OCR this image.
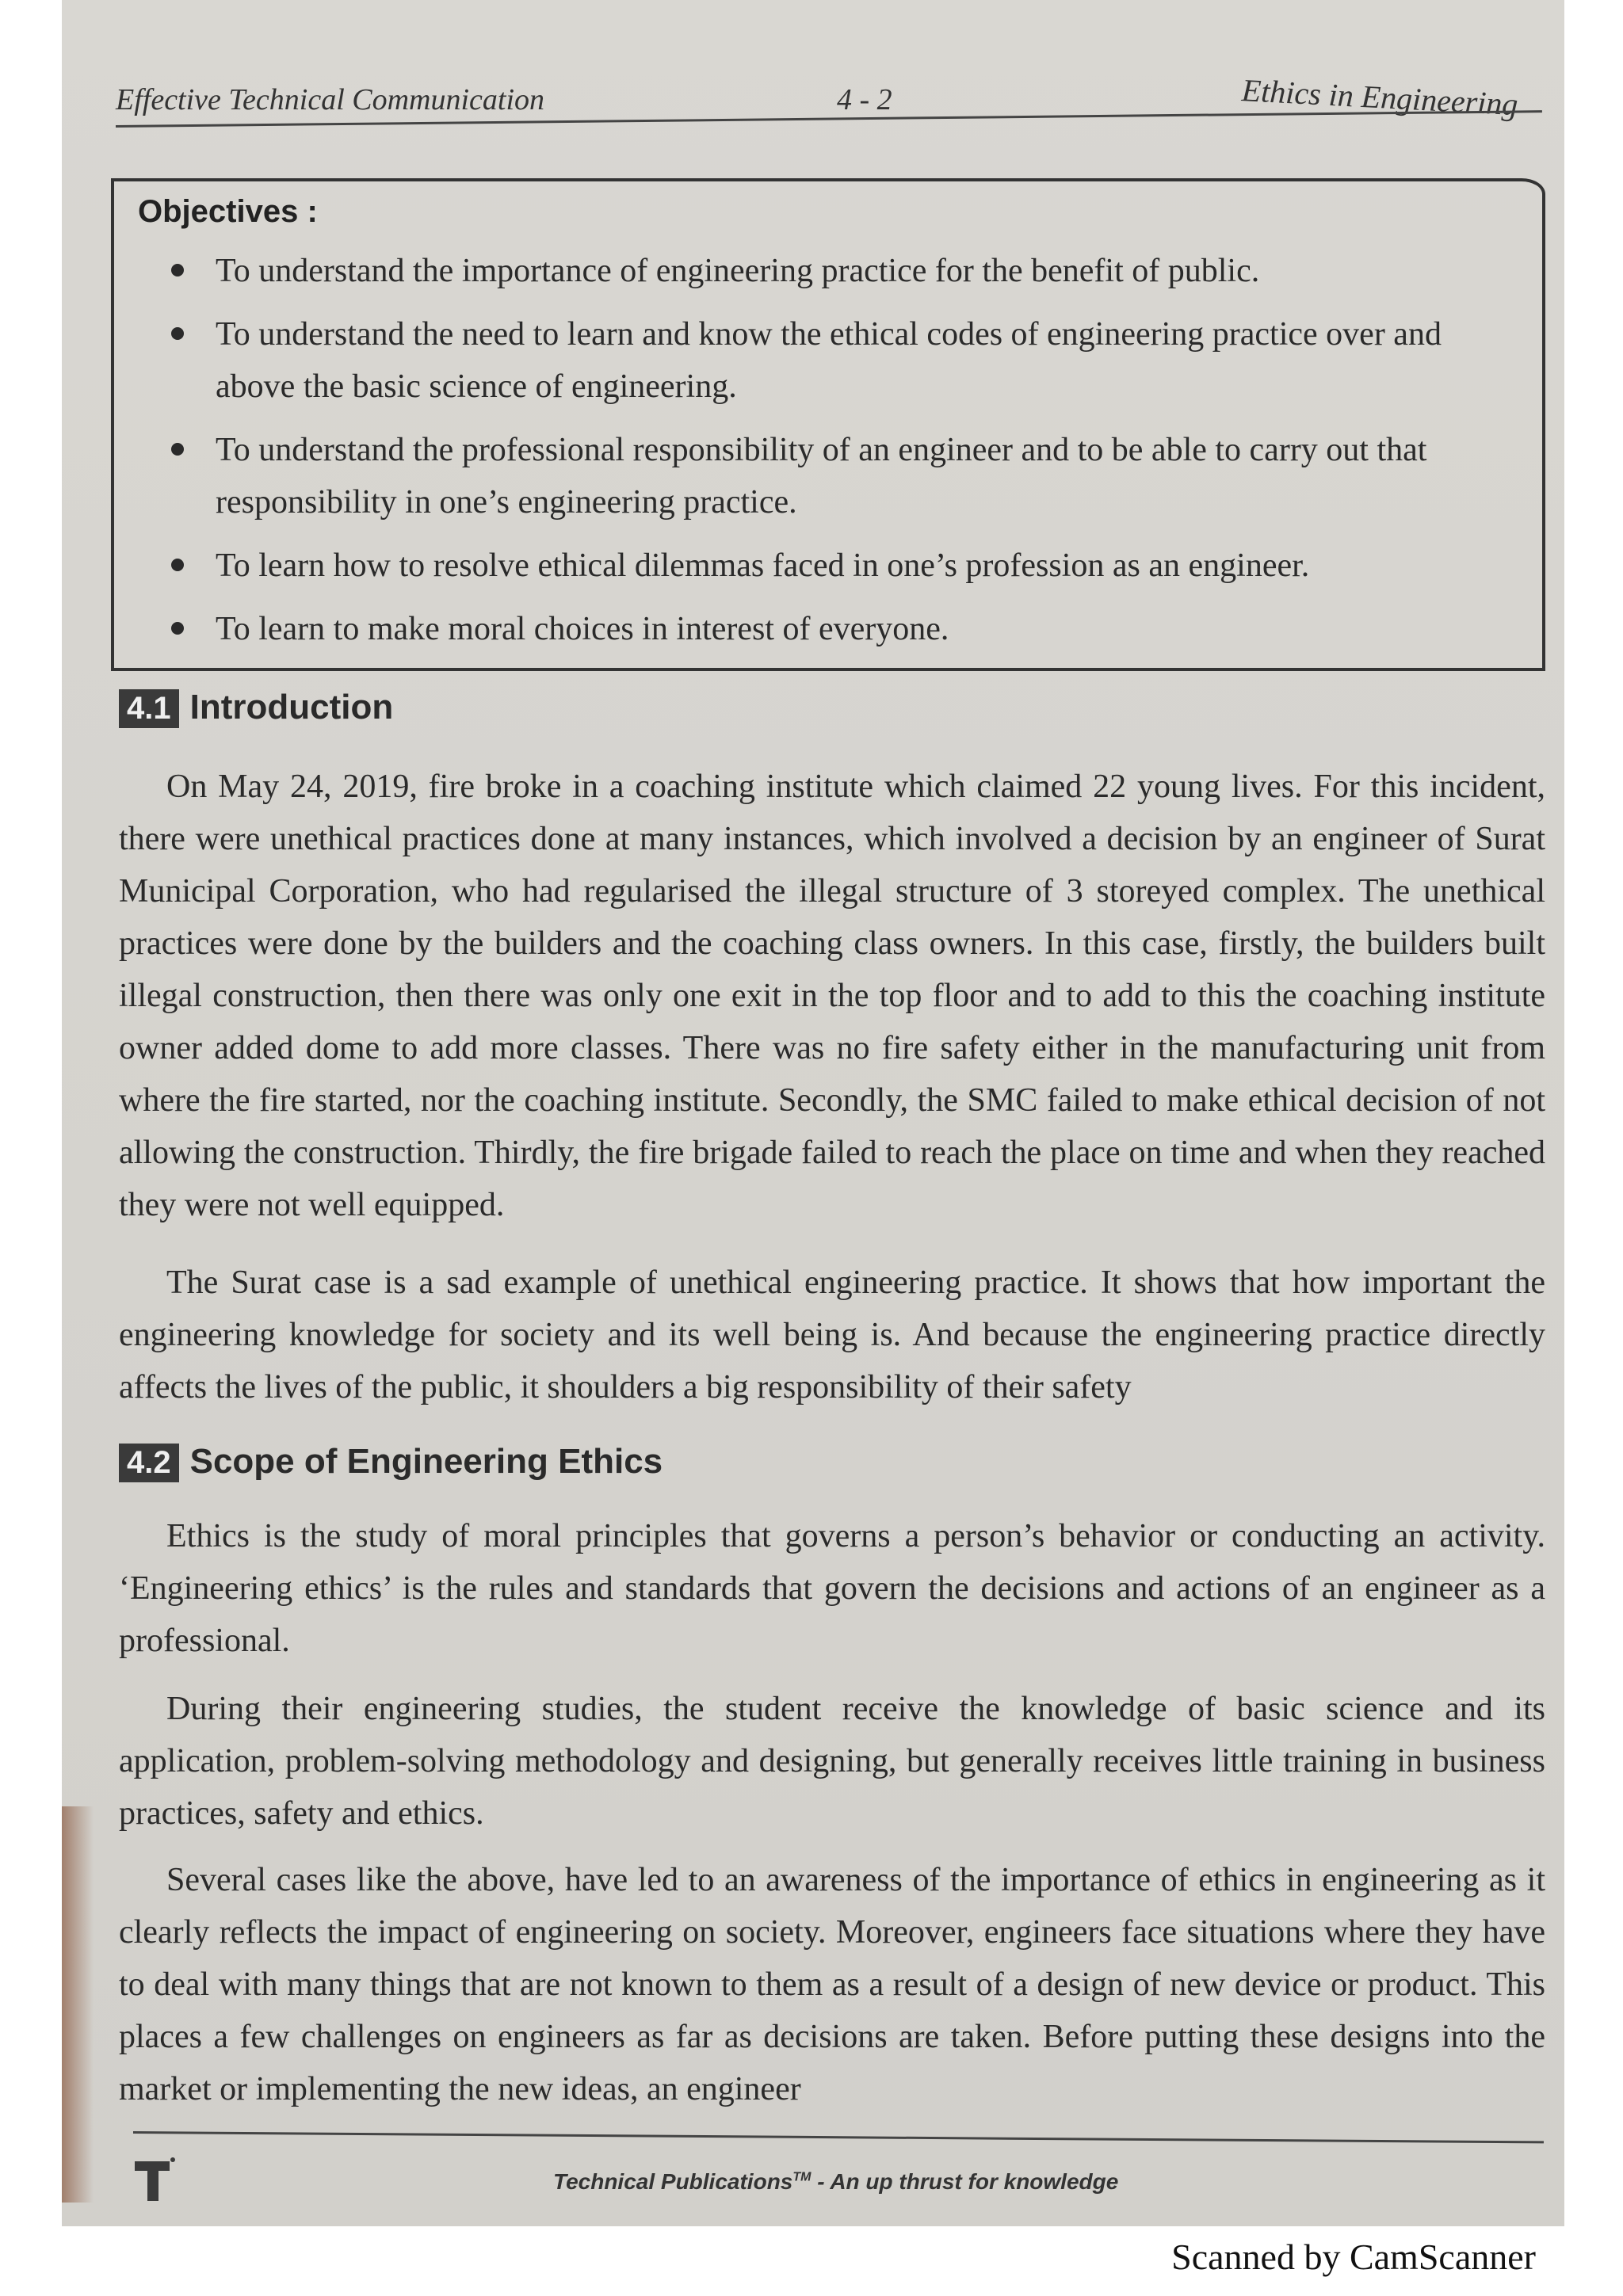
Effective Technical Communication	4 - 2	Ethics in Engineering
Objectives :
To understand the importance of engineering practice for the benefit of public.
To understand the need to learn and know the ethical codes of engineering practice over and above the basic science of engineering.
To understand the professional responsibility of an engineer and to be able to carry out that responsibility in one’s engineering practice.
To learn how to resolve ethical dilemmas faced in one’s profession as an engineer.
To learn to make moral choices in interest of everyone.
4.1 Introduction

On May 24, 2019, fire broke in a coaching institute which claimed 22 young lives. For this incident, there were unethical practices done at many instances, which involved a decision by an engineer of Surat Municipal Corporation, who had regularised the illegal structure of 3 storeyed complex. The unethical practices were done by the builders and the coaching class owners. In this case, firstly, the builders built illegal construction, then there was only one exit in the top floor and to add to this the coaching institute owner added dome to add more classes. There was no fire safety either in the manufacturing unit from where the fire started, nor the coaching institute. Secondly, the SMC failed to make ethical decision of not allowing the construction. Thirdly, the fire brigade failed to reach the place on time and when they reached they were not well equipped.

The Surat case is a sad example of unethical engineering practice. It shows that how important the engineering knowledge for society and its well being is. And because the engineering practice directly affects the lives of the public, it shoulders a big responsibility of their safety

4.2 Scope of Engineering Ethics

Ethics is the study of moral principles that governs a person’s behavior or conducting an activity. ‘Engineering ethics’ is the rules and standards that govern the decisions and actions of an engineer as a professional.

During their engineering studies, the student receive the knowledge of basic science and its application, problem-solving methodology and designing, but generally receives little training in business practices, safety and ethics.

Several cases like the above, have led to an awareness of the importance of ethics in engineering as it clearly reflects the impact of engineering on society. Moreover, engineers face situations where they have to deal with many things that are not known to them as a result of a design of new device or product. This places a few challenges on engineers as far as decisions are taken. Before putting these designs into the market or implementing the new ideas, an engineer

Technical Publications™ - An up thrust for knowledge
Scanned by CamScanner
